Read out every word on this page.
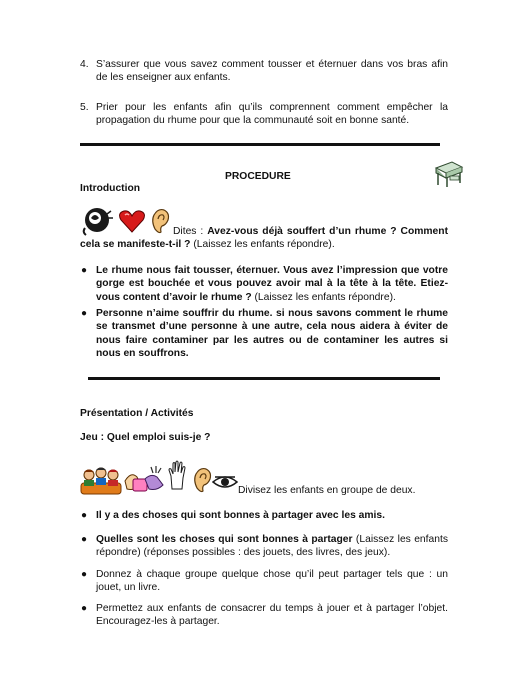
4. S’assurer que vous savez comment tousser et éternuer dans vos bras afin de les enseigner aux enfants.
5. Prier pour les enfants afin qu’ils comprennent comment empêcher la propagation du rhume pour que la communauté soit en bonne santé.
PROCEDURE
Introduction
Dites : Avez-vous déjà souffert d’un rhume ? Comment cela se manifeste-t-il ? (Laissez les enfants répondre).
● Le rhume nous fait tousser, éternuer. Vous avez l’impression que votre gorge est bouchée et vous pouvez avoir mal à la tête à la tête. Etiez-vous content d’avoir le rhume ? (Laissez les enfants répondre).
● Personne n’aime souffrir du rhume. si nous savons comment le rhume se transmet d’une personne à une autre, cela nous aidera à éviter de nous faire contaminer par les autres ou de contaminer les autres si nous en souffrons.
Présentation / Activités
Jeu : Quel emploi suis-je ?
Divisez les enfants en groupe de deux.
● Il y a des choses qui sont bonnes à partager avec les amis.
● Quelles sont les choses qui sont bonnes à partager (Laissez les enfants répondre) (réponses possibles : des jouets, des livres, des jeux).
● Donnez à chaque groupe quelque chose qu’il peut partager tels que : un jouet, un livre.
● Permettez aux enfants de consacrer du temps à jouer et à partager l’objet. Encouragez-les à partager.
